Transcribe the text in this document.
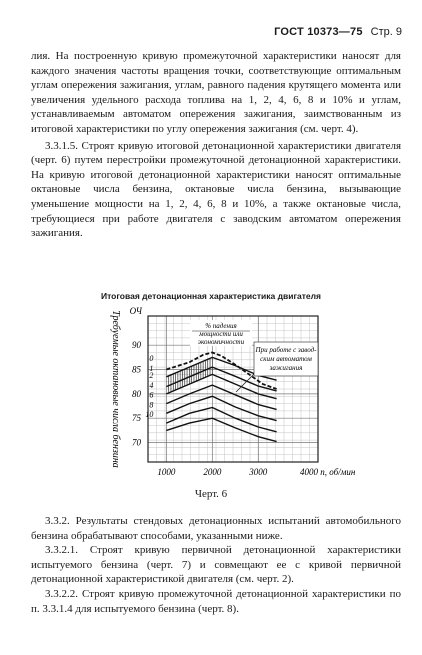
ГОСТ 10373—75 Стр. 9

лия. На построенную кривую промежуточной характеристики наносят для каждого значения частоты вращения точки, соответствующие оптимальным углам опережения зажигания, углам, равного падения крутящего момента или увеличения удельного расхода топлива на 1, 2, 4, 6, 8 и 10% и углам, устанавливаемым автоматом опережения зажигания, заимствованным из итоговой характеристики по углу опережения зажигания (см. черт. 4).

3.3.1.5. Строят кривую итоговой детонационной характеристики двигателя (черт. 6) путем перестройки промежуточной детонационной характеристики. На кривую итоговой детонационной характеристики наносят оптимальные октановые числа бензина, октановые числа бензина, вызывающие уменьшение мощности на 1, 2, 4, 6, 8 и 10%, а также октановые числа, требующиеся при работе двигателя с заводским автоматом опережения зажигания.

Итоговая детонационная характеристика двигателя
70
75
80
85
90
ОЧ
Требуемые октановые числа бензина
1000	2000	3000	4000 n, об/мин
0
1
2
4
6
8
10
% падения
мощности или
экономичности
При работе с завод-
ским автоматом
зажигания
Черт. 6

3.3.2. Результаты стендовых детонационных испытаний автомобильного бензина обрабатывают способами, указанными ниже.

3.3.2.1. Строят кривую первичной детонационной характеристики испытуемого бензина (черт. 7) и совмещают ее с кривой первичной детонационной характеристикой двигателя (см. черт. 2).

3.3.2.2. Строят кривую промежуточной детонационной характеристики по п. 3.3.1.4 для испытуемого бензина (черт. 8).
